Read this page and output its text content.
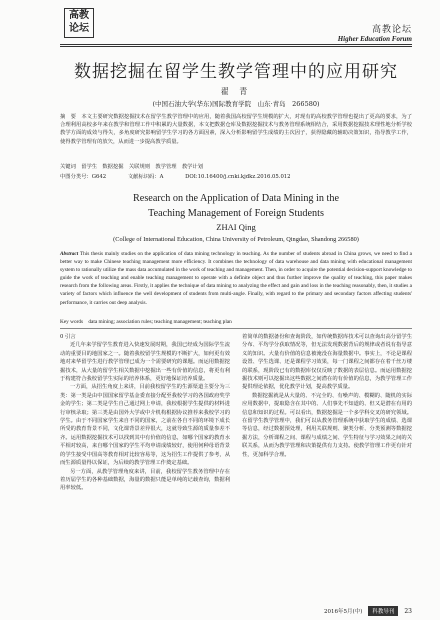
高教论坛	高教论坛
Higher Education Forum
数据挖掘在留学生教学管理中的应用研究
翟 青
(中国石油大学(华东)国际教育学院　山东·青岛　266580)
摘　要　本文主要研究数据挖掘技术在留学生教学管理中的应用，随着我国高校留学生规模的扩大，对现有的高校教学管理也提出了更高的要求，为了合理利用高校多年来在教学和管理工作中积累的大量数据，本文把数据仓库及数据挖掘技术与教务管理系统相结合，采用数据挖掘技术理性地分析学校教学方面的成效与得失，多角度研究影响留学生学习的各方面因素，深入分析影响留学生成绩的主次因子，获得隐藏的辅助决策知识，指导教学工作，使得教学管理有的放矢，从而进一步提高教学质量。
关键词　留学生　数据挖掘　关联规则　教学管理　教学计划
中图分类号：G642	文献标识码：A	DOI:10.16400/j.cnki.kjdkz.2016.05.012
Research on the Application of Data Mining in the
Teaching Management of Foreign Students
ZHAI Qing
(College of International Education, China University of Petroleum, Qingdao, Shandong 266580)
Abstract This thesis mainly studies on the application of data mining technology in teaching. As the number of students abroad in China grows, we need to find a better way to make Chinese teaching management more efficiency. It combines the technology of data warehouse and data mining with educational management system to rationally utilize the mass data accumulated in the work of teaching and management. Then, in order to acquire the potential decision-support knowledge to guide the work of teaching and enable teaching management to operate with a definite object and thus further improve the quality of teaching, this paper makes research from the following areas. Firstly, it applies the technique of data mining to analyzing the effect and gain and loss in the teaching reasonably, then, it studies a variety of factors which influence the well development of students from multi-angle. Finally, with regard to the primary and secondary factors affecting students' performance, it carries out deep analysis.
Key words　data mining; association rules; teaching management; teaching plan

0 引言

近几年来学留学生教育进入快速发展时期，我国已经成为国际学生流动的重要目的地国家之一。随着我校留学生规模的不断扩大，如何更有效地对来华留学生进行教学管理已成为一个需要研究的课题。而运用数据挖掘技术，从大量的留学生相关数据中挖掘出一些有价值的信息，将更有利于构建符合我校留学生实际的培养体系，更好地保证培养质量。

一方面，从招生角度上来讲，目前我校留学生的生源渠道主要分为三类：第一类是由中国国家留学基金委直接分配至我校学习的各国政府奖学金的学生；第二类是学生自己通过网上申请，我校根据学生提供的材料进行审核录取；第三类是由国外大学或中介机构根据协议推荐来我校学习的学生。由于不同国家学生来自不同的国家，之前在各自不同的环境下成长所受的教育背景不同，文化课背景差异很大，这就导致生源的质量参差不齐。运用数据挖掘技术可以找到其中有价值的信息，如哪个国家的教育水平相对较高，来自哪个国家的学生平均申请成绩较好，使用何种母语背景的学生接受中国高等教育相对比较容易等，这为招生工作提供了参考，从而生源质量得以保证，为后续的教学管理工作奠定基础。

另一方面，从教学管理角度来讲，目前，我校留学生教务管理中存在着历届学生的各种基础数据，海量的数据只能是单纯的记载查询，数据利用率较低。

着简单的数据备份和查询阶段，如传统数据库技术可以查询出高分留学生分布、平均学分获取情况等，但无法发现数据背后的规律或者说有指导意义的知识。大量有价值的信息被淹没在海量数据中。事实上，不论是课程设置、学生选课、还是课程学习效果，每一门课程之间都存在着千丝万缕的联系，现阶段已有的数据库仅仅反映了数据的表层信息。而运用数据挖掘技术则可以挖掘出这些数据之间潜在的有价值的信息，为教学管理工作提供理论依据，优化教学计划，提高教学质量。

数据挖掘就是从大量的、不完全的、有噪声的、模糊的、随机的实际应用数据中，提取隐含在其中的、人们事先不知道的、但又是潜在有用的信息和知识的过程。可以看出，数据挖掘是一个多学科交叉的研究领域。在留学生教学管理中，我们可以从教务管理系统中获取学生的成绩、选课等信息，经过数据预处理，利用关联规则、聚类分析、分类预测等数据挖掘方法，分析课程之间、课程与成绩之间、学生特征与学习效果之间的关联关系，从而为教学管理和决策提供有力支持。使教学管理工作更有针对性，更加科学合理。

2016年5月(中)	科教导刊	23
